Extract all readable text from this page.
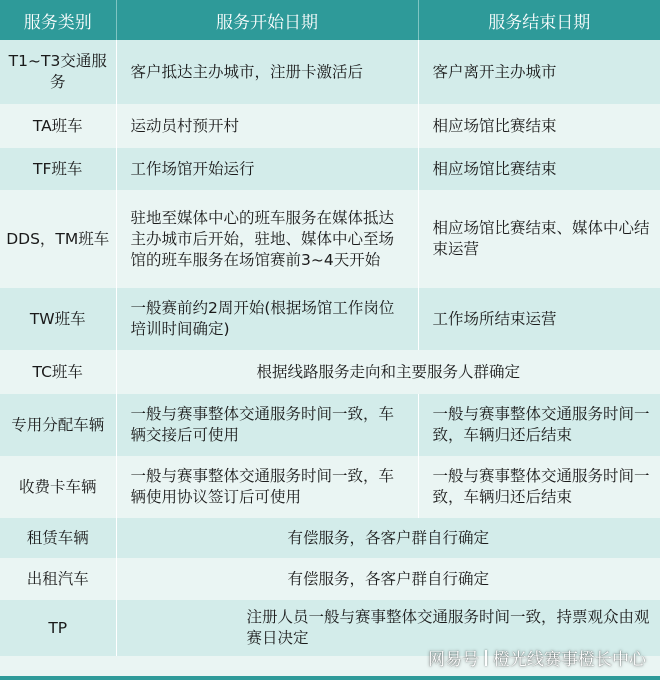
服务类别	服务开始日期	服务结束日期
T1~T3交通服务	客户抵达主办城市，注册卡激活后	客户离开主办城市
TA班车	运动员村预开村	相应场馆比赛结束
TF班车	工作场馆开始运行	相应场馆比赛结束
DDS，TM班车	驻地至媒体中心的班车服务在媒体抵达主办城市后开始，驻地、媒体中心至场馆的班车服务在场馆赛前3~4天开始	相应场馆比赛结束、媒体中心结束运营
TW班车	一般赛前约2周开始(根据场馆工作岗位培训时间确定)	工作场所结束运营
TC班车	根据线路服务走向和主要服务人群确定	
专用分配车辆	一般与赛事整体交通服务时间一致，车辆交接后可使用	一般与赛事整体交通服务时间一致，车辆归还后结束
收费卡车辆	一般与赛事整体交通服务时间一致，车辆使用协议签订后可使用	一般与赛事整体交通服务时间一致，车辆归还后结束
租赁车辆	有偿服务，各客户群自行确定	
出租汽车	有偿服务，各客户群自行确定	
TP	注册人员一般与赛事整体交通服务时间一致，持票观众由观赛日决定	
网易号 橙光线赛事橙长中心
